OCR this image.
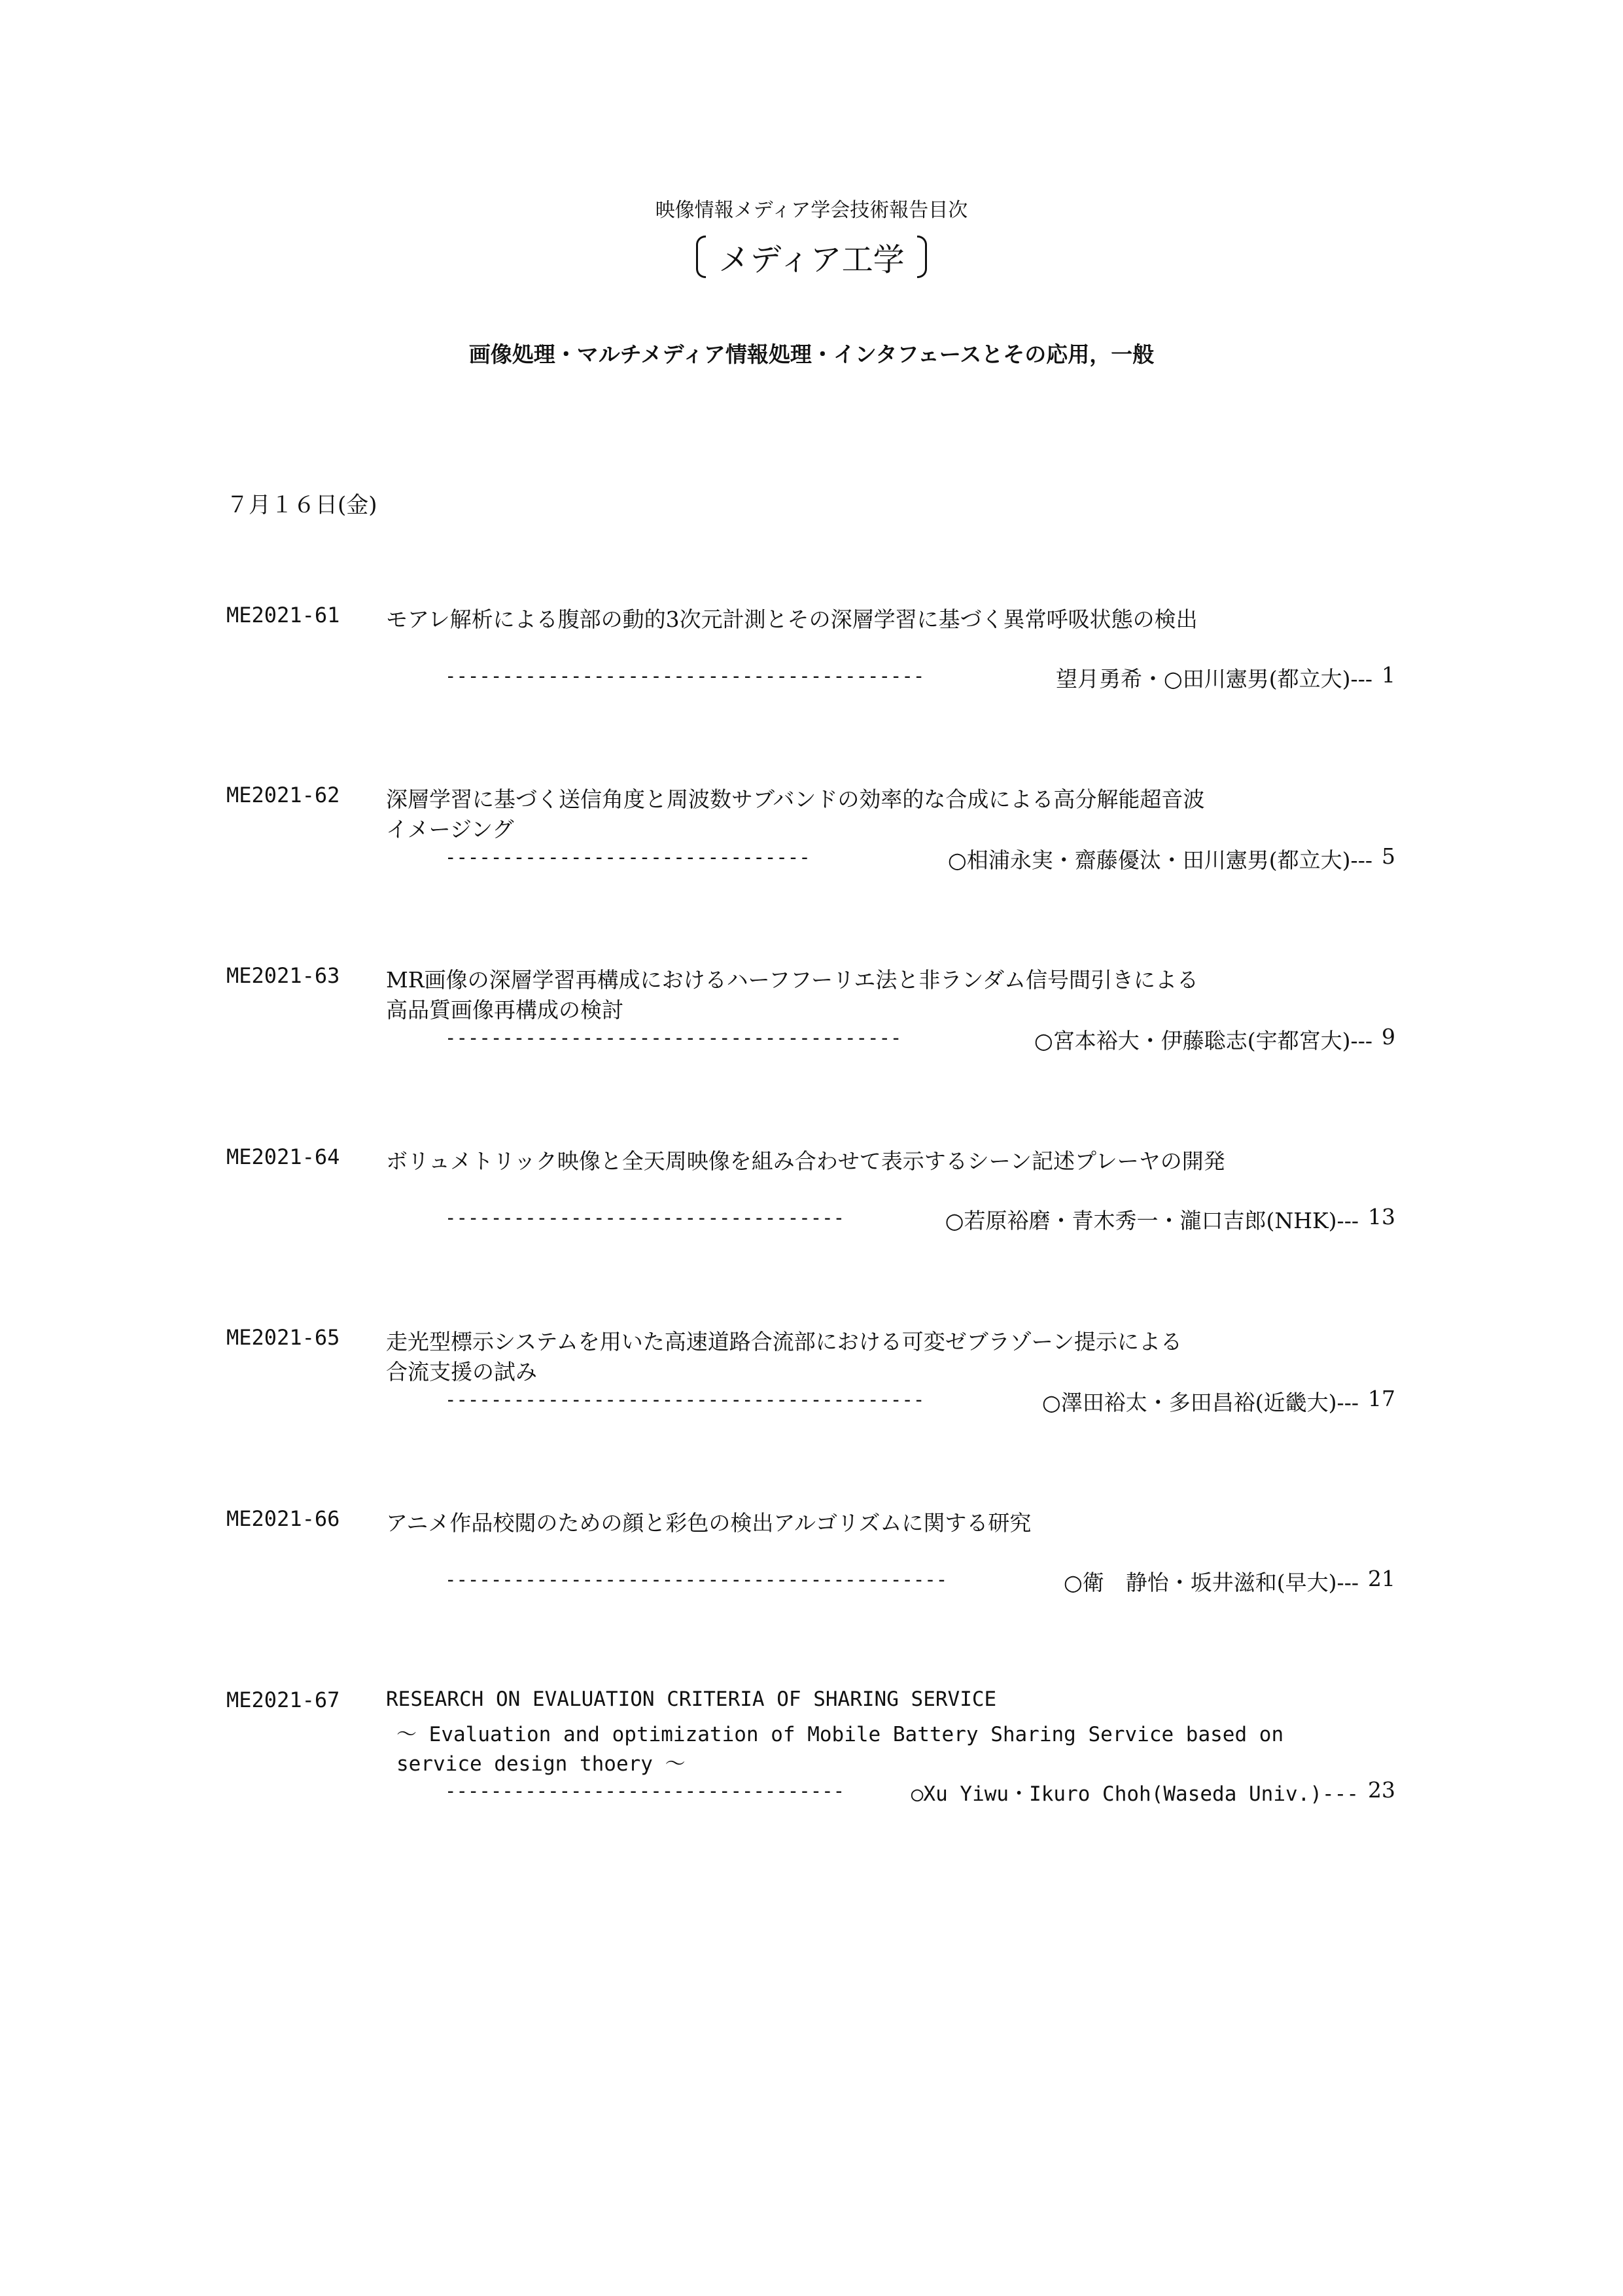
映像情報メディア学会技術報告目次
メディア工学
画像処理・マルチメディア情報処理・インタフェースとその応用，一般
７月１６日(金)
ME2021-61 モアレ解析による腹部の動的3次元計測とその深層学習に基づく異常呼吸状態の検出
------------------------------------------	望月勇希・○田川憲男(都立大)--- 1
ME2021-62 深層学習に基づく送信角度と周波数サブバンドの効率的な合成による高分解能超音波
イメージング
--------------------------------	○相浦永実・齋藤優汰・田川憲男(都立大)--- 5
ME2021-63 MR画像の深層学習再構成におけるハーフフーリエ法と非ランダム信号間引きによる
高品質画像再構成の検討
----------------------------------------	○宮本裕大・伊藤聡志(宇都宮大)--- 9
ME2021-64 ボリュメトリック映像と全天周映像を組み合わせて表示するシーン記述プレーヤの開発
-----------------------------------	○若原裕磨・青木秀一・瀧口吉郎(NHK)--- 13
ME2021-65 走光型標示システムを用いた高速道路合流部における可変ゼブラゾーン提示による
合流支援の試み
------------------------------------------	○澤田裕太・多田昌裕(近畿大)--- 17
ME2021-66 アニメ作品校閲のための顔と彩色の検出アルゴリズムに関する研究
--------------------------------------------	○衛　静怡・坂井滋和(早大)--- 21
ME2021-67 RESEARCH ON EVALUATION CRITERIA OF SHARING SERVICE
～ Evaluation and optimization of Mobile Battery Sharing Service based on
service design thoery ～
-----------------------------------	○Xu Yiwu・Ikuro Choh(Waseda Univ.)--- 23
